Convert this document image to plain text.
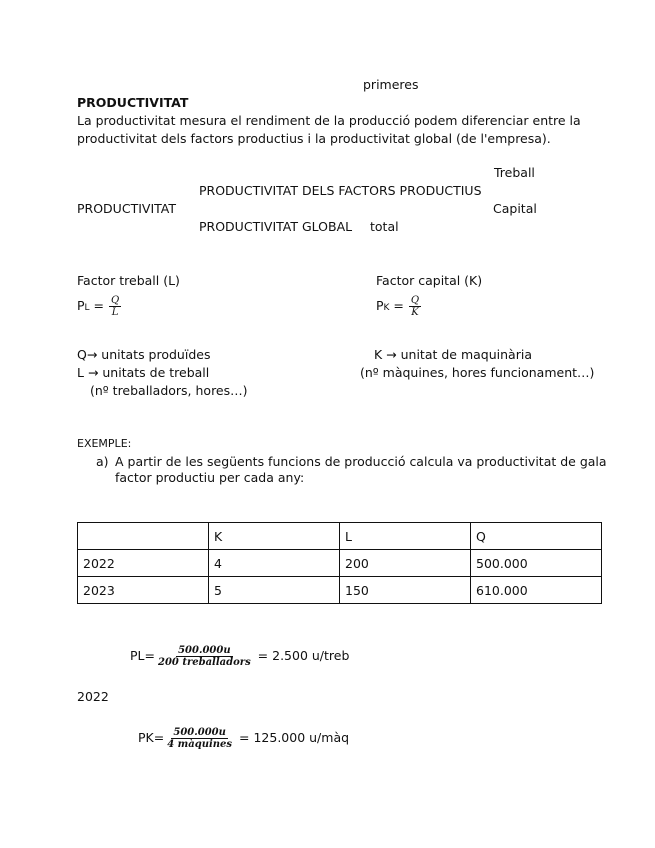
primeres
PRODUCTIVITAT
La productivitat mesura el rendiment de la producció podem diferenciar entre la
productivitat dels factors productius i la productivitat global (de l'empresa).
Treball
PRODUCTIVITAT DELS FACTORS PRODUCTIUS
PRODUCTIVITAT	Capital
PRODUCTIVITAT GLOBAL total
Factor treball (L)
PL = $\frac{Q}{L}$
Factor capital (K)
PK = $\frac{Q}{K}$
Q→ unitats produïdes	K → unitat de maquinària
L → unitats de treball	(nº màquines, hores funcionament…)
(nº treballadors, hores…)
EXEMPLE:
a) A partir de les següents funcions de producció calcula va productivitat de gala
factor productiu per cada any:
	K	L	Q
2022	4	200	500.000
2023	5	150	610.000
$PL= \frac{500.000u}{\text{200 treballadors}} = 2.500$ u/treb
2022
$PK= \frac{500.000u}{\text{4 màquines}} = 125.000$ u/màq
